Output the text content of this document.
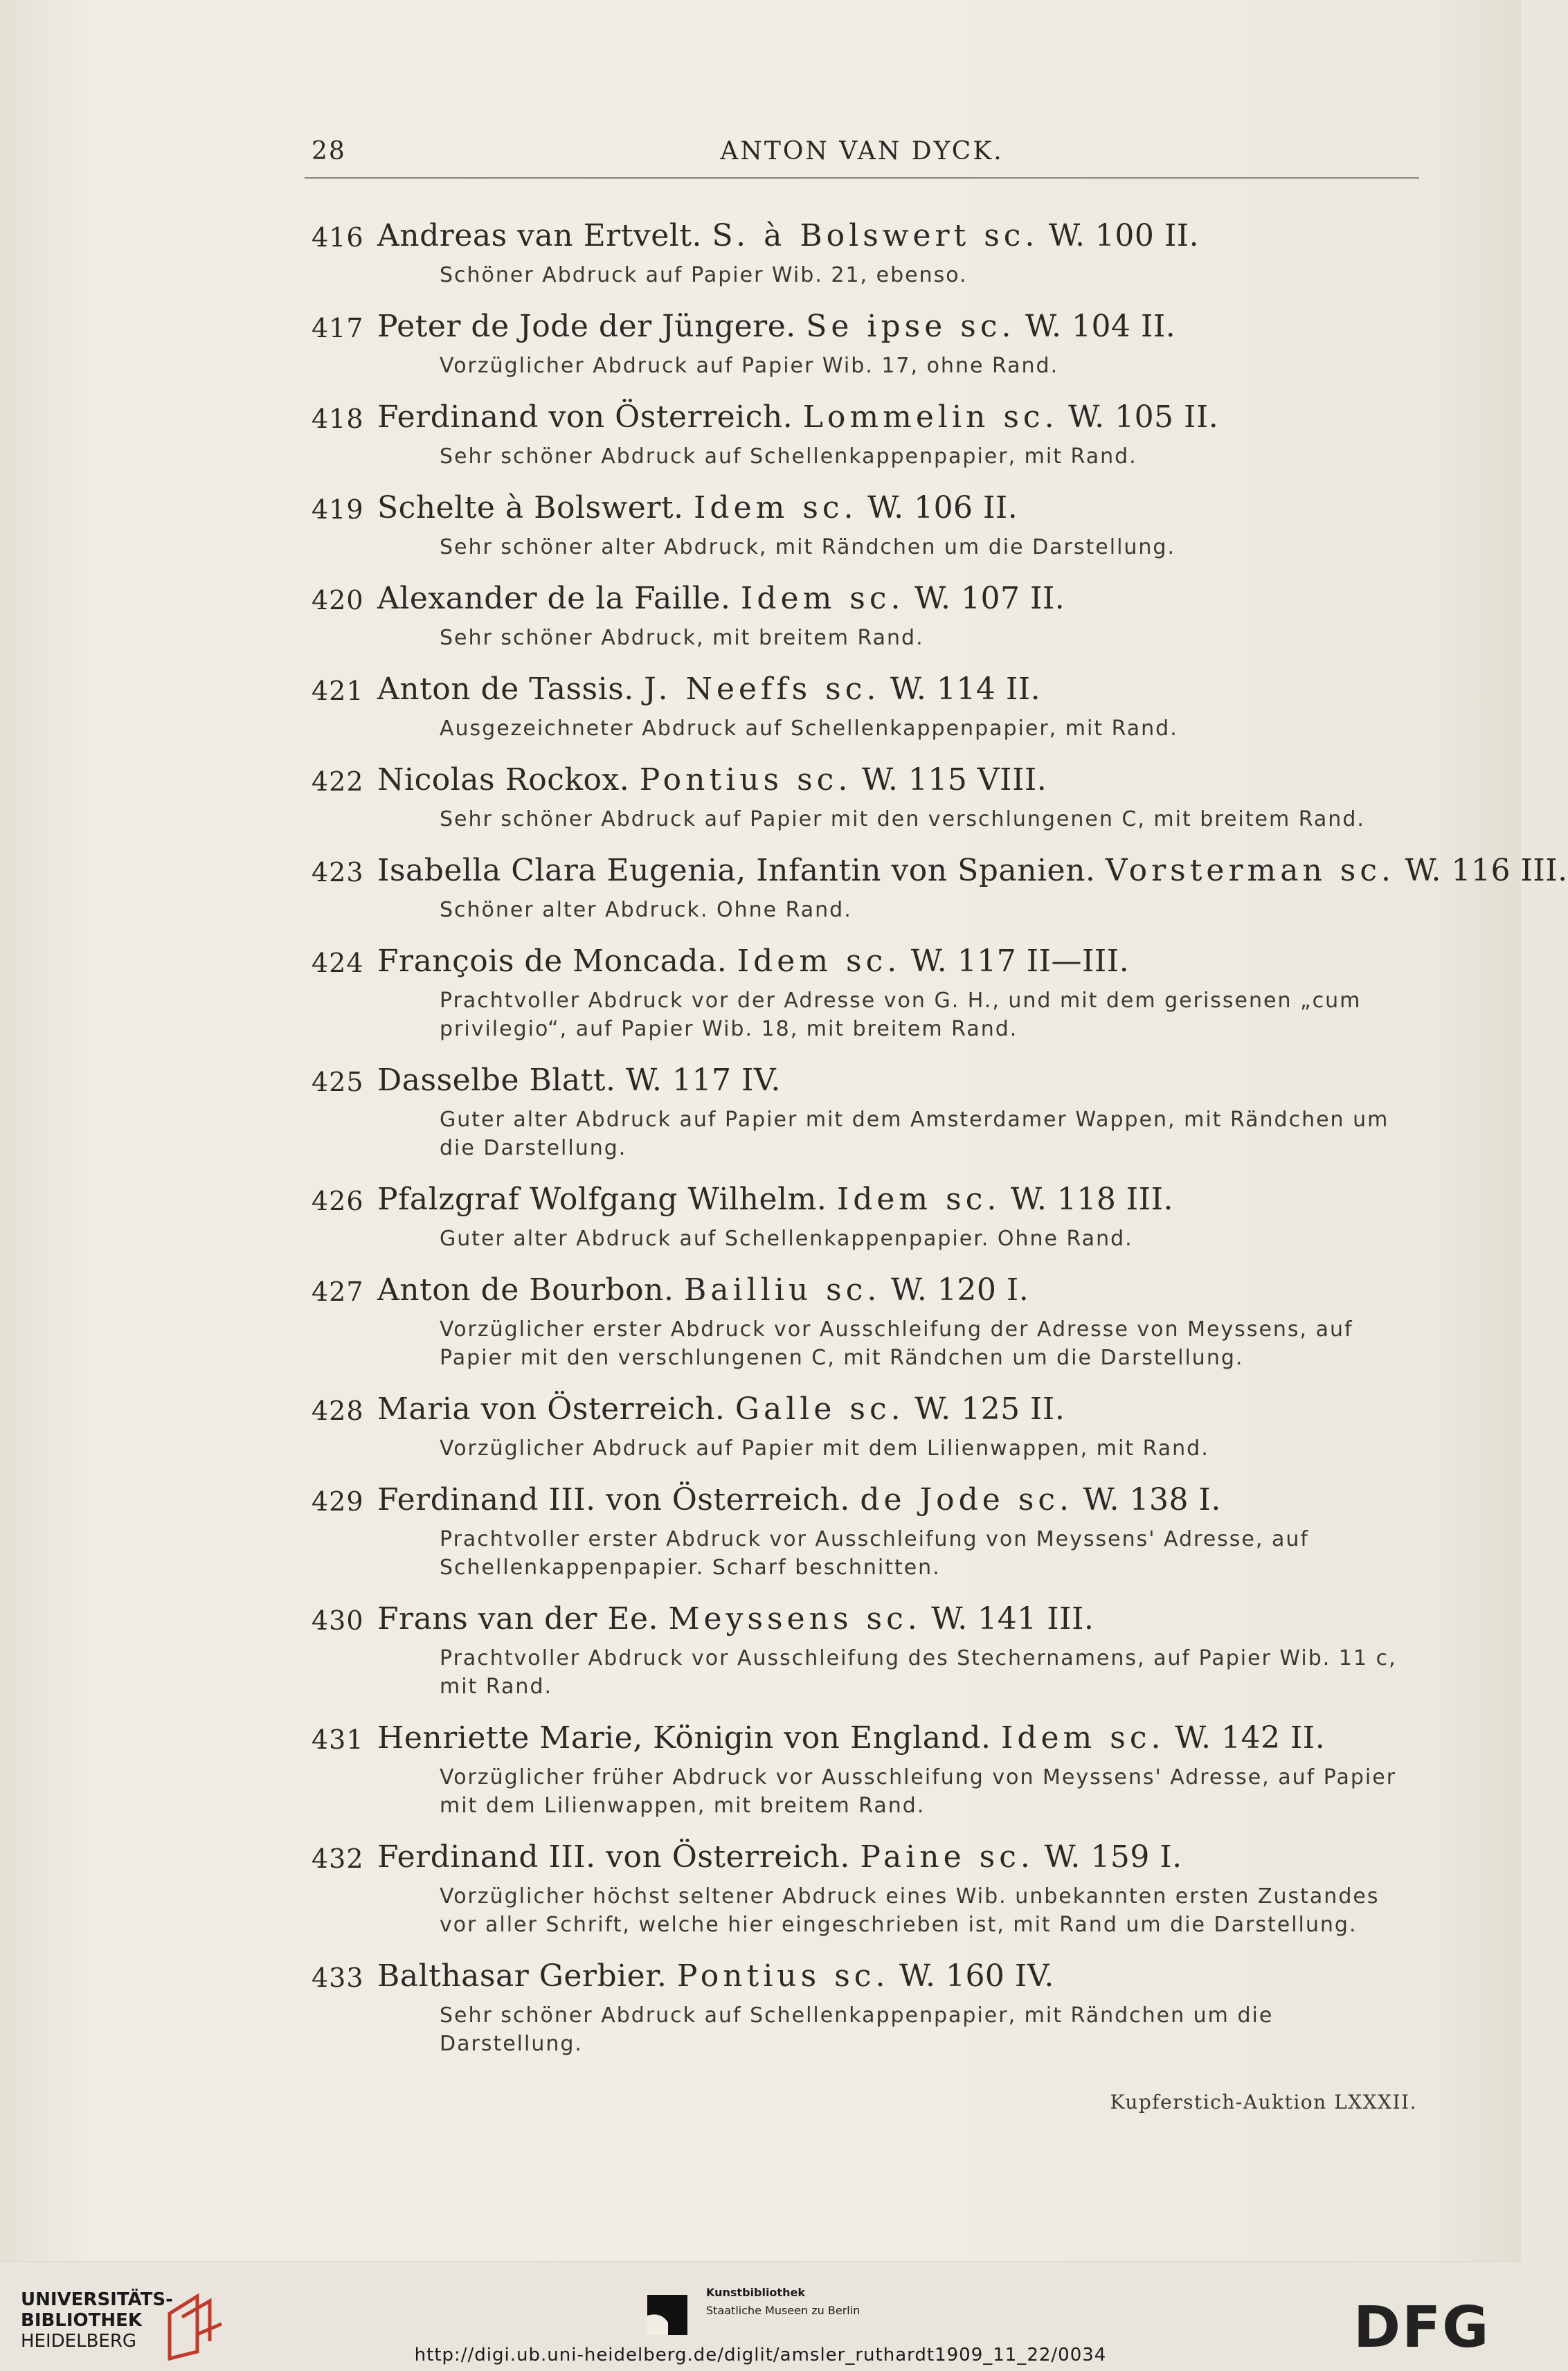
28	ANTON VAN DYCK.
416 Andreas van Ertvelt. S. à Bolswert sc. W. 100 II.
Schöner Abdruck auf Papier Wib. 21, ebenso.
417 Peter de Jode der Jüngere. Se ipse sc. W. 104 II.
Vorzüglicher Abdruck auf Papier Wib. 17, ohne Rand.
418 Ferdinand von Österreich. Lommelin sc. W. 105 II.
Sehr schöner Abdruck auf Schellenkappenpapier, mit Rand.
419 Schelte à Bolswert. Idem sc. W. 106 II.
Sehr schöner alter Abdruck, mit Rändchen um die Darstellung.
420 Alexander de la Faille. Idem sc. W. 107 II.
Sehr schöner Abdruck, mit breitem Rand.
421 Anton de Tassis. J. Neeffs sc. W. 114 II.
Ausgezeichneter Abdruck auf Schellenkappenpapier, mit Rand.
422 Nicolas Rockox. Pontius sc. W. 115 VIII.
Sehr schöner Abdruck auf Papier mit den verschlungenen C, mit breitem Rand.
423 Isabella Clara Eugenia, Infantin von Spanien. Vorsterman sc. W. 116 III.
Schöner alter Abdruck. Ohne Rand.
424 François de Moncada. Idem sc. W. 117 II—III.
Prachtvoller Abdruck vor der Adresse von G. H., und mit dem gerissenen „cum privilegio“, auf Papier Wib. 18, mit breitem Rand.
425 Dasselbe Blatt. W. 117 IV.
Guter alter Abdruck auf Papier mit dem Amsterdamer Wappen, mit Rändchen um die Darstellung.
426 Pfalzgraf Wolfgang Wilhelm. Idem sc. W. 118 III.
Guter alter Abdruck auf Schellenkappenpapier. Ohne Rand.
427 Anton de Bourbon. Bailliu sc. W. 120 I.
Vorzüglicher erster Abdruck vor Ausschleifung der Adresse von Meyssens, auf Papier mit den verschlungenen C, mit Rändchen um die Darstellung.
428 Maria von Österreich. Galle sc. W. 125 II.
Vorzüglicher Abdruck auf Papier mit dem Lilienwappen, mit Rand.
429 Ferdinand III. von Österreich. de Jode sc. W. 138 I.
Prachtvoller erster Abdruck vor Ausschleifung von Meyssens' Adresse, auf Schellenkappenpapier. Scharf beschnitten.
430 Frans van der Ee. Meyssens sc. W. 141 III.
Prachtvoller Abdruck vor Ausschleifung des Stechernamens, auf Papier Wib. 11 c, mit Rand.
431 Henriette Marie, Königin von England. Idem sc. W. 142 II.
Vorzüglicher früher Abdruck vor Ausschleifung von Meyssens' Adresse, auf Papier mit dem Lilienwappen, mit breitem Rand.
432 Ferdinand III. von Österreich. Paine sc. W. 159 I.
Vorzüglicher höchst seltener Abdruck eines Wib. unbekannten ersten Zustandes vor aller Schrift, welche hier eingeschrieben ist, mit Rand um die Darstellung.
433 Balthasar Gerbier. Pontius sc. W. 160 IV.
Sehr schöner Abdruck auf Schellenkappenpapier, mit Rändchen um die Darstellung.
Kupferstich-Auktion LXXXII.
UNIVERSITÄTS-
BIBLIOTHEK
HEIDELBERG
Kunstbibliothek
Staatliche Museen zu Berlin	DFG
http://digi.ub.uni-heidelberg.de/diglit/amsler_ruthardt1909_11_22/0034
